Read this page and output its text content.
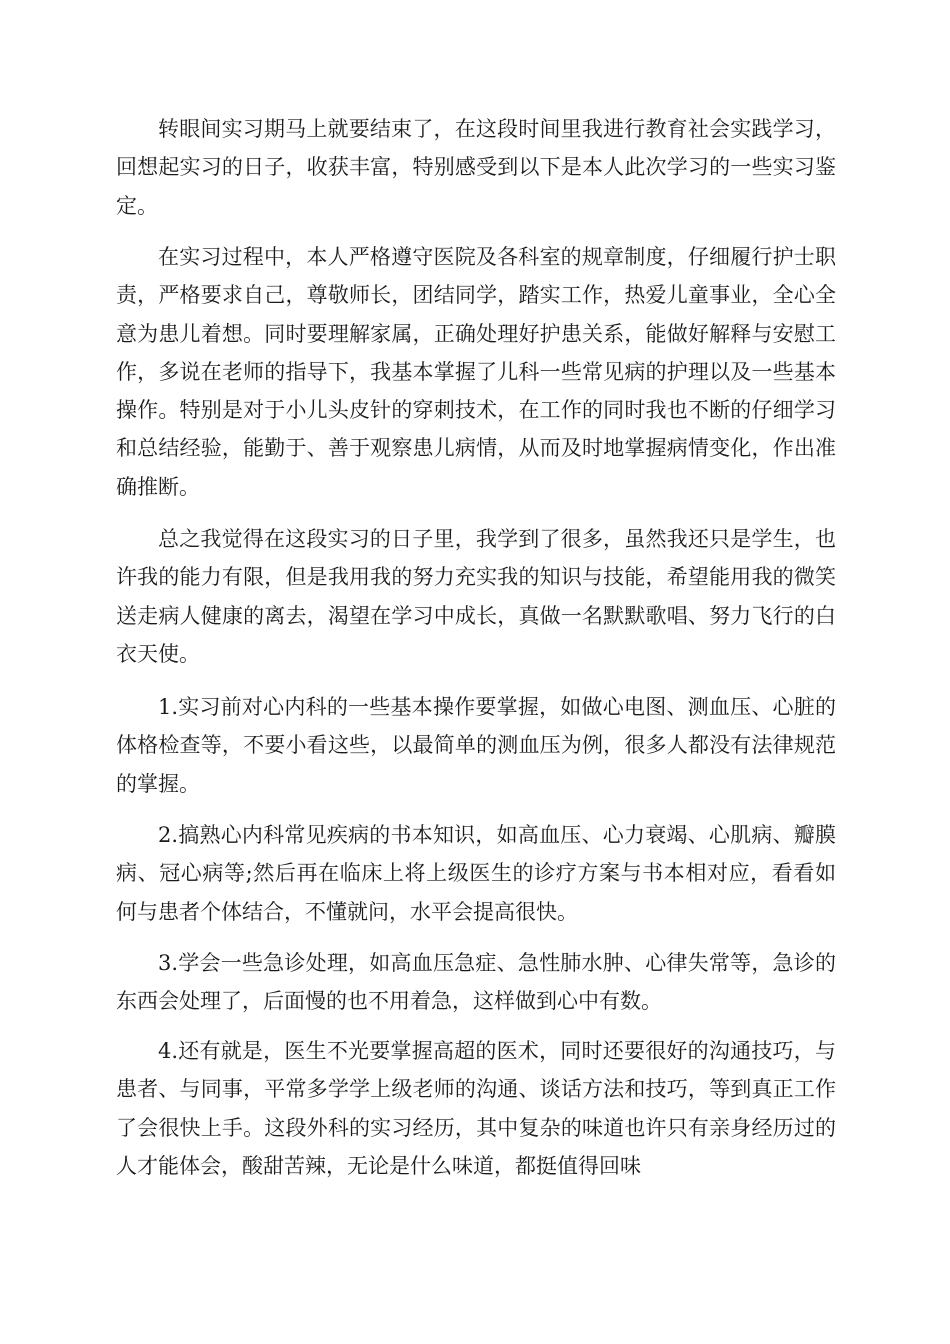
转眼间实习期马上就要结束了，在这段时间里我进行教育社会实践学习，回想起实习的日子，收获丰富，特别感受到以下是本人此次学习的一些实习鉴定。

在实习过程中，本人严格遵守医院及各科室的规章制度，仔细履行护士职责，严格要求自己，尊敬师长，团结同学，踏实工作，热爱儿童事业，全心全意为患儿着想。同时要理解家属，正确处理好护患关系，能做好解释与安慰工作，多说在老师的指导下，我基本掌握了儿科一些常见病的护理以及一些基本操作。特别是对于小儿头皮针的穿刺技术，在工作的同时我也不断的仔细学习和总结经验，能勤于、善于观察患儿病情，从而及时地掌握病情变化，作出准确推断。

总之我觉得在这段实习的日子里，我学到了很多，虽然我还只是学生，也许我的能力有限，但是我用我的努力充实我的知识与技能，希望能用我的微笑送走病人健康的离去，渴望在学习中成长，真做一名默默歌唱、努力飞行的白衣天使。

1.实习前对心内科的一些基本操作要掌握，如做心电图、测血压、心脏的体格检查等，不要小看这些，以最简单的测血压为例，很多人都没有法律规范的掌握。

2.搞熟心内科常见疾病的书本知识，如高血压、心力衰竭、心肌病、瓣膜病、冠心病等;然后再在临床上将上级医生的诊疗方案与书本相对应，看看如何与患者个体结合，不懂就问，水平会提高很快。

3.学会一些急诊处理，如高血压急症、急性肺水肿、心律失常等，急诊的东西会处理了，后面慢的也不用着急，这样做到心中有数。

4.还有就是，医生不光要掌握高超的医术，同时还要很好的沟通技巧，与患者、与同事，平常多学学上级老师的沟通、谈话方法和技巧，等到真正工作了会很快上手。这段外科的实习经历，其中复杂的味道也许只有亲身经历过的人才能体会，酸甜苦辣，无论是什么味道，都挺值得回味
